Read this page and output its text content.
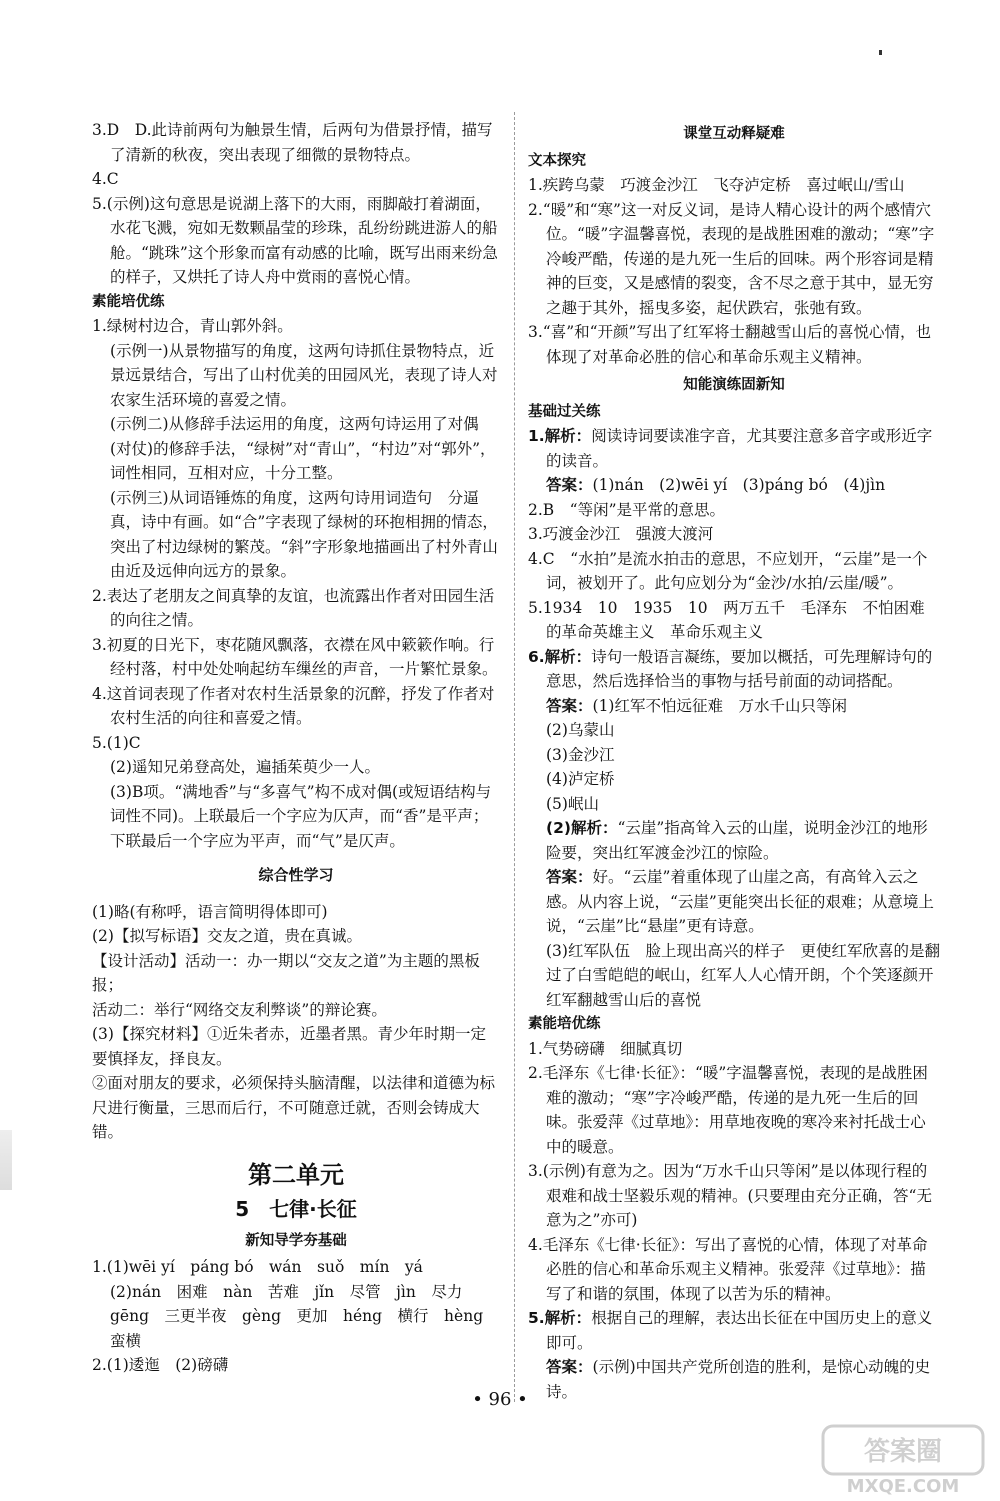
3.D　D.此诗前两句为触景生情，后两句为借景抒情，描写了清新的秋夜，突出表现了细微的景物特点。

4.C

5.(示例)这句意思是说湖上落下的大雨，雨脚敲打着湖面，水花飞溅，宛如无数颗晶莹的珍珠，乱纷纷跳进游人的船舱。“跳珠”这个形象而富有动感的比喻，既写出雨来纷急的样子，又烘托了诗人舟中赏雨的喜悦心情。

素能培优练

1.绿树村边合，青山郭外斜。

(示例一)从景物描写的角度，这两句诗抓住景物特点，近景远景结合，写出了山村优美的田园风光，表现了诗人对农家生活环境的喜爱之情。

(示例二)从修辞手法运用的角度，这两句诗运用了对偶(对仗)的修辞手法，“绿树”对“青山”，“村边”对“郭外”，词性相同，互相对应，十分工整。

(示例三)从词语锤炼的角度，这两句诗用词造句　分逼真，诗中有画。如“合”字表现了绿树的环抱相拥的情态，突出了村边绿树的繁茂。“斜”字形象地描画出了村外青山由近及远伸向远方的景象。

2.表达了老朋友之间真挚的友谊，也流露出作者对田园生活的向往之情。

3.初夏的日光下，枣花随风飘落，衣襟在风中簌簌作响。行经村落，村中处处响起纺车缫丝的声音，一片繁忙景象。

4.这首词表现了作者对农村生活景象的沉醉，抒发了作者对农村生活的向往和喜爱之情。

5.(1)C

(2)遥知兄弟登高处，遍插茱萸少一人。

(3)B项。“满地香”与“多喜气”构不成对偶(或短语结构与词性不同)。上联最后一个字应为仄声，而“香”是平声；下联最后一个字应为平声，而“气”是仄声。

综合性学习

(1)略(有称呼，语言简明得体即可)

(2)【拟写标语】交友之道，贵在真诚。

【设计活动】活动一：办一期以“交友之道”为主题的黑板报；

活动二：举行“网络交友利弊谈”的辩论赛。

(3)【探究材料】①近朱者赤，近墨者黑。青少年时期一定要慎择友，择良友。

②面对朋友的要求，必须保持头脑清醒，以法律和道德为标尺进行衡量，三思而后行，不可随意迁就，否则会铸成大错。

第二单元

5　七律·长征

新知导学夯基础

1.(1)wēi yí　páng bó　wán　suǒ　mín　yá

(2)nán　困难　nàn　苦难　jǐn　尽管　jìn　尽力

gēng　三更半夜　gèng　更加　héng　横行　hèng

蛮横

2.(1)逶迤　(2)磅礴

课堂互动释疑难

文本探究

1.疾跨乌蒙　巧渡金沙江　飞夺泸定桥　喜过岷山/雪山

2.“暖”和“寒”这一对反义词，是诗人精心设计的两个感情穴位。“暖”字温馨喜悦，表现的是战胜困难的激动；“寒”字冷峻严酷，传递的是九死一生后的回味。两个形容词是精神的巨变，又是感情的裂变，含不尽之意于其中，显无穷之趣于其外，摇曳多姿，起伏跌宕，张弛有致。

3.“喜”和“开颜”写出了红军将士翻越雪山后的喜悦心情，也体现了对革命必胜的信心和革命乐观主义精神。

知能演练固新知

基础过关练

1.解析：阅读诗词要读准字音，尤其要注意多音字或形近字的读音。

答案：(1)nán　(2)wēi yí　(3)páng bó　(4)jìn

2.B　“等闲”是平常的意思。

3.巧渡金沙江　强渡大渡河

4.C　“水拍”是流水拍击的意思，不应划开，“云崖”是一个词，被划开了。此句应划分为“金沙/水拍/云崖/暖”。

5.1934　10　1935　10　两万五千　毛泽东　不怕困难的革命英雄主义　革命乐观主义

6.解析：诗句一般语言凝练，要加以概括，可先理解诗句的意思，然后选择恰当的事物与括号前面的动词搭配。

答案：(1)红军不怕远征难　万水千山只等闲

(2)乌蒙山

(3)金沙江

(4)泸定桥

(5)岷山

(2)解析：“云崖”指高耸入云的山崖，说明金沙江的地形险要，突出红军渡金沙江的惊险。

答案：好。“云崖”着重体现了山崖之高，有高耸入云之感。从内容上说，“云崖”更能突出长征的艰难；从意境上说，“云崖”比“悬崖”更有诗意。

(3)红军队伍　脸上现出高兴的样子　更使红军欣喜的是翻过了白雪皑皑的岷山，红军人人心情开朗，个个笑逐颜开　红军翻越雪山后的喜悦

素能培优练

1.气势磅礴　细腻真切

2.毛泽东《七律·长征》：“暖”字温馨喜悦，表现的是战胜困难的激动；“寒”字冷峻严酷，传递的是九死一生后的回味。张爱萍《过草地》：用草地夜晚的寒冷来衬托战士心中的暖意。

3.(示例)有意为之。因为“万水千山只等闲”是以体现行程的艰难和战士坚毅乐观的精神。(只要理由充分正确，答“无意为之”亦可)

4.毛泽东《七律·长征》：写出了喜悦的心情，体现了对革命必胜的信心和革命乐观主义精神。张爱萍《过草地》：描写了和谐的氛围，体现了以苦为乐的精神。

5.解析：根据自己的理解，表达出长征在中国历史上的意义即可。

答案：(示例)中国共产党所创造的胜利，是惊心动魄的史诗。

• 96 •
答案圈
MXQE.COM
